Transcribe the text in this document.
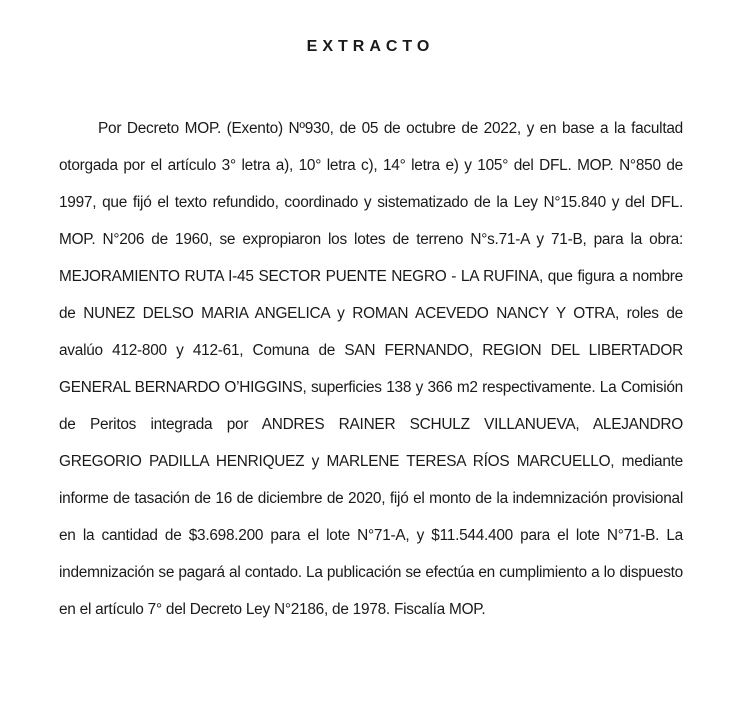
EXTRACTO

Por Decreto MOP. (Exento) Nº930, de 05 de octubre de 2022, y en base a la facultad otorgada por el artículo 3° letra a), 10° letra c), 14° letra e) y 105° del DFL. MOP. N°850 de 1997, que fijó el texto refundido, coordinado y sistematizado de la Ley N°15.840 y del DFL. MOP. N°206 de 1960, se expropiaron los lotes de terreno N°s.71-A y 71-B, para la obra: MEJORAMIENTO RUTA I-45 SECTOR PUENTE NEGRO - LA RUFINA, que figura a nombre de NUNEZ DELSO MARIA ANGELICA y ROMAN ACEVEDO NANCY Y OTRA, roles de avalúo 412-800 y 412-61, Comuna de SAN FERNANDO, REGION DEL LIBERTADOR GENERAL BERNARDO O’HIGGINS, superficies 138 y 366 m2 respectivamente. La Comisión de Peritos integrada por ANDRES RAINER SCHULZ VILLANUEVA, ALEJANDRO GREGORIO PADILLA HENRIQUEZ y MARLENE TERESA RÍOS MARCUELLO, mediante informe de tasación de 16 de diciembre de 2020, fijó el monto de la indemnización provisional en la cantidad de $3.698.200 para el lote N°71-A, y $11.544.400 para el lote N°71-B. La indemnización se pagará al contado. La publicación se efectúa en cumplimiento a lo dispuesto en el artículo 7° del Decreto Ley N°2186, de 1978. Fiscalía MOP.
